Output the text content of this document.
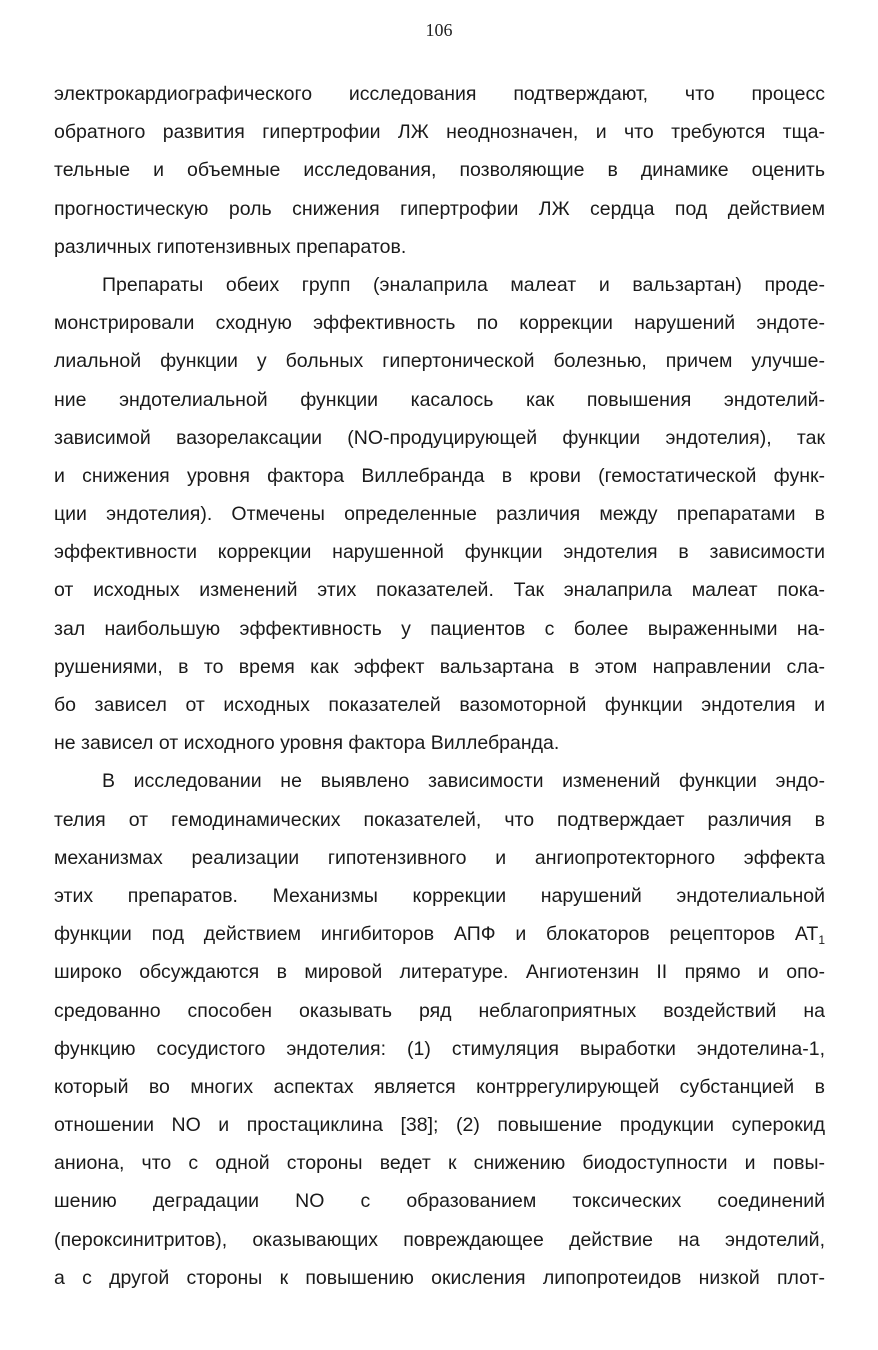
106
электрокардиографического исследования подтверждают, что процесс
обратного развития гипертрофии ЛЖ неоднозначен, и что требуются тща-
тельные и объемные исследования, позволяющие в динамике оценить
прогностическую роль снижения гипертрофии ЛЖ сердца под действием
различных гипотензивных препаратов.
Препараты обеих групп (эналаприла малеат и вальзартан) проде-
монстрировали сходную эффективность по коррекции нарушений эндоте-
лиальной функции у больных гипертонической болезнью, причем улучше-
ние эндотелиальной функции касалось как повышения эндотелий-
зависимой вазорелаксации (NO-продуцирующей функции эндотелия), так
и снижения уровня фактора Виллебранда в крови (гемостатической функ-
ции эндотелия). Отмечены определенные различия между препаратами в
эффективности коррекции нарушенной функции эндотелия в зависимости
от исходных изменений этих показателей. Так эналаприла малеат пока-
зал наибольшую эффективность у пациентов с более выраженными на-
рушениями, в то время как эффект вальзартана в этом направлении сла-
бо зависел от исходных показателей вазомоторной функции эндотелия и
не зависел от исходного уровня фактора Виллебранда.
В исследовании не выявлено зависимости изменений функции эндо-
телия от гемодинамических показателей, что подтверждает различия в
механизмах реализации гипотензивного и ангиопротекторного эффекта
этих препаратов. Механизмы коррекции нарушений эндотелиальной
функции под действием ингибиторов АПФ и блокаторов рецепторов $АТ_1$
широко обсуждаются в мировой литературе. Ангиотензин II прямо и опо-
средованно способен оказывать ряд неблагоприятных воздействий на
функцию сосудистого эндотелия: (1) стимуляция выработки эндотелина-1,
который во многих аспектах является контррегулирующей субстанцией в
отношении NO и простациклина [38]; (2) повышение продукции суперокид
аниона, что с одной стороны ведет к снижению биодоступности и повы-
шению деградации NO с образованием токсических соединений
(пероксинитритов), оказывающих повреждающее действие на эндотелий,
а с другой стороны к повышению окисления липопротеидов низкой плот-
